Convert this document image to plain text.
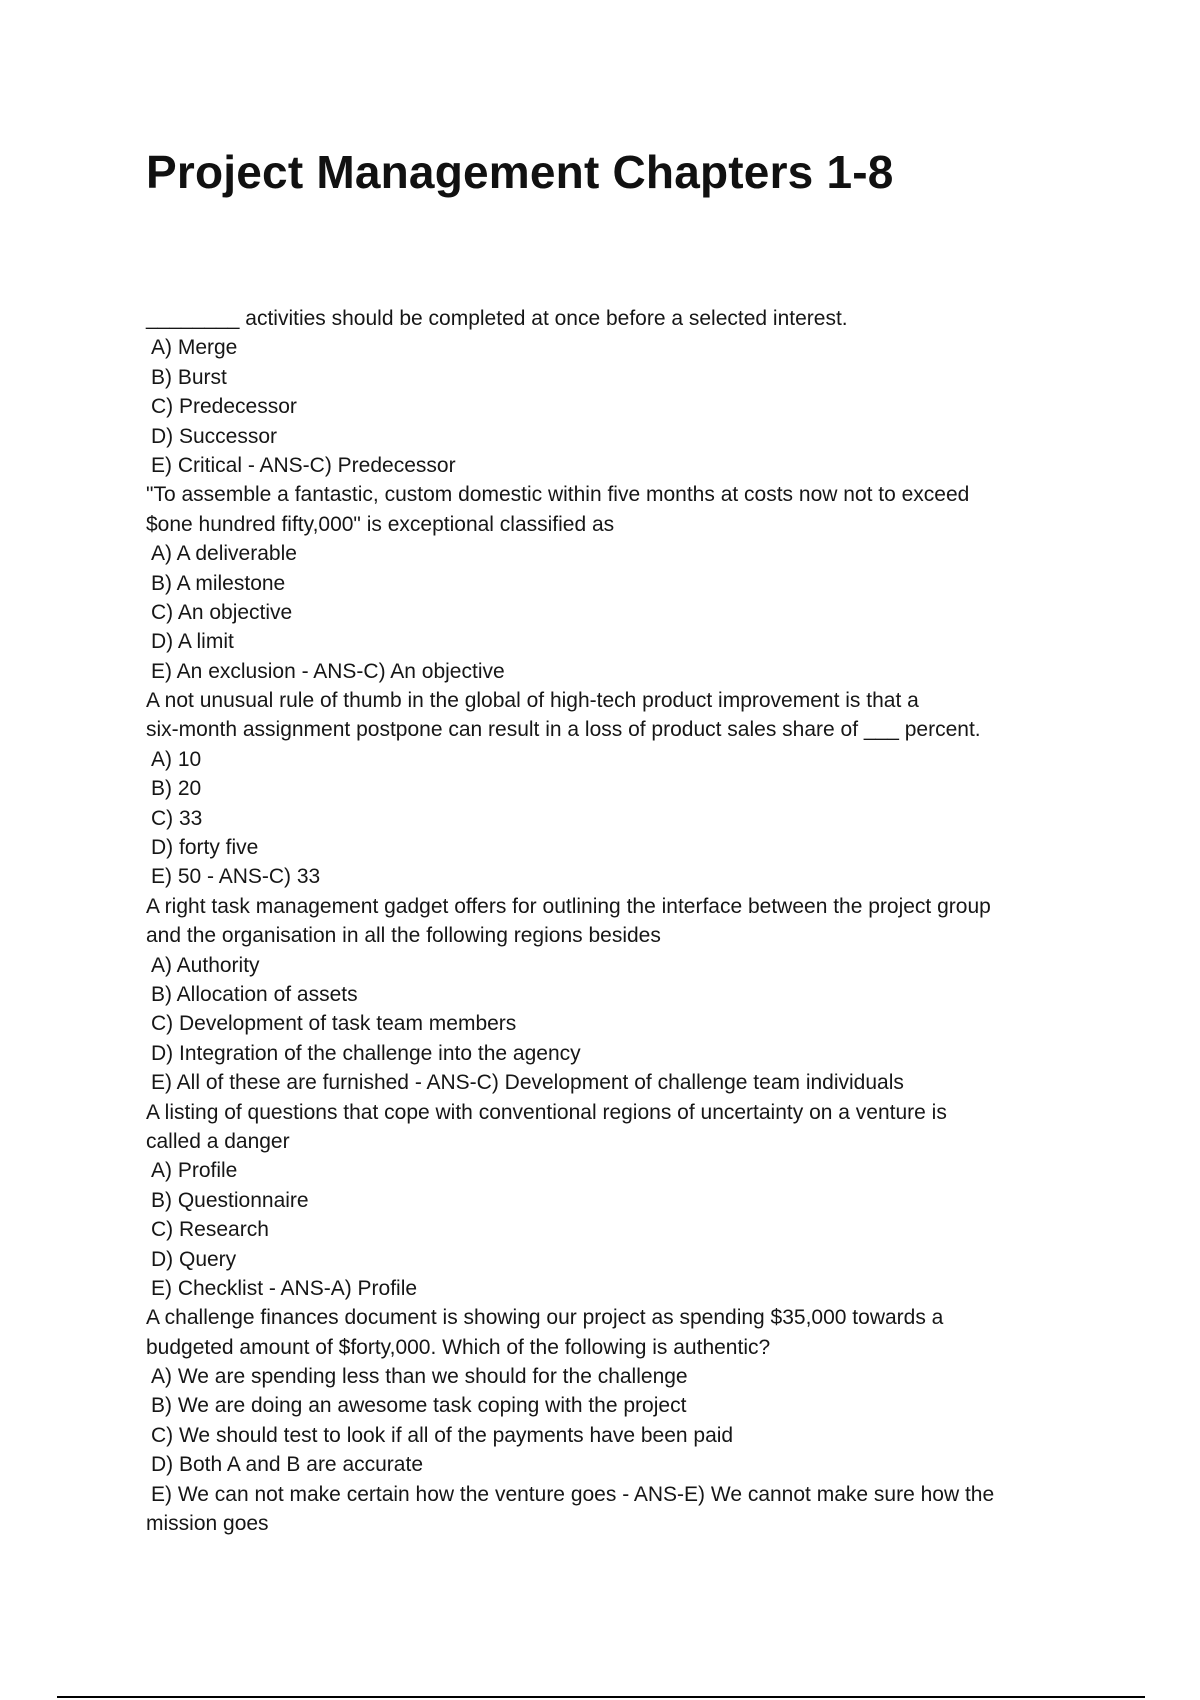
Project Management Chapters 1-8

________ activities should be completed at once before a selected interest.

A) Merge

B) Burst

C) Predecessor

D) Successor

E) Critical - ANS-C) Predecessor

"To assemble a fantastic, custom domestic within five months at costs now not to exceed

$one hundred fifty,000" is exceptional classified as

A) A deliverable

B) A milestone

C) An objective

D) A limit

E) An exclusion - ANS-C) An objective

A not unusual rule of thumb in the global of high-tech product improvement is that a

six-month assignment postpone can result in a loss of product sales share of ___ percent.

A) 10

B) 20

C) 33

D) forty five

E) 50 - ANS-C) 33

A right task management gadget offers for outlining the interface between the project group

and the organisation in all the following regions besides

A) Authority

B) Allocation of assets

C) Development of task team members

D) Integration of the challenge into the agency

E) All of these are furnished - ANS-C) Development of challenge team individuals

A listing of questions that cope with conventional regions of uncertainty on a venture is

called a danger

A) Profile

B) Questionnaire

C) Research

D) Query

E) Checklist - ANS-A) Profile

A challenge finances document is showing our project as spending $35,000 towards a

budgeted amount of $forty,000. Which of the following is authentic?

A) We are spending less than we should for the challenge

B) We are doing an awesome task coping with the project

C) We should test to look if all of the payments have been paid

D) Both A and B are accurate

E) We can not make certain how the venture goes - ANS-E) We cannot make sure how the

mission goes
